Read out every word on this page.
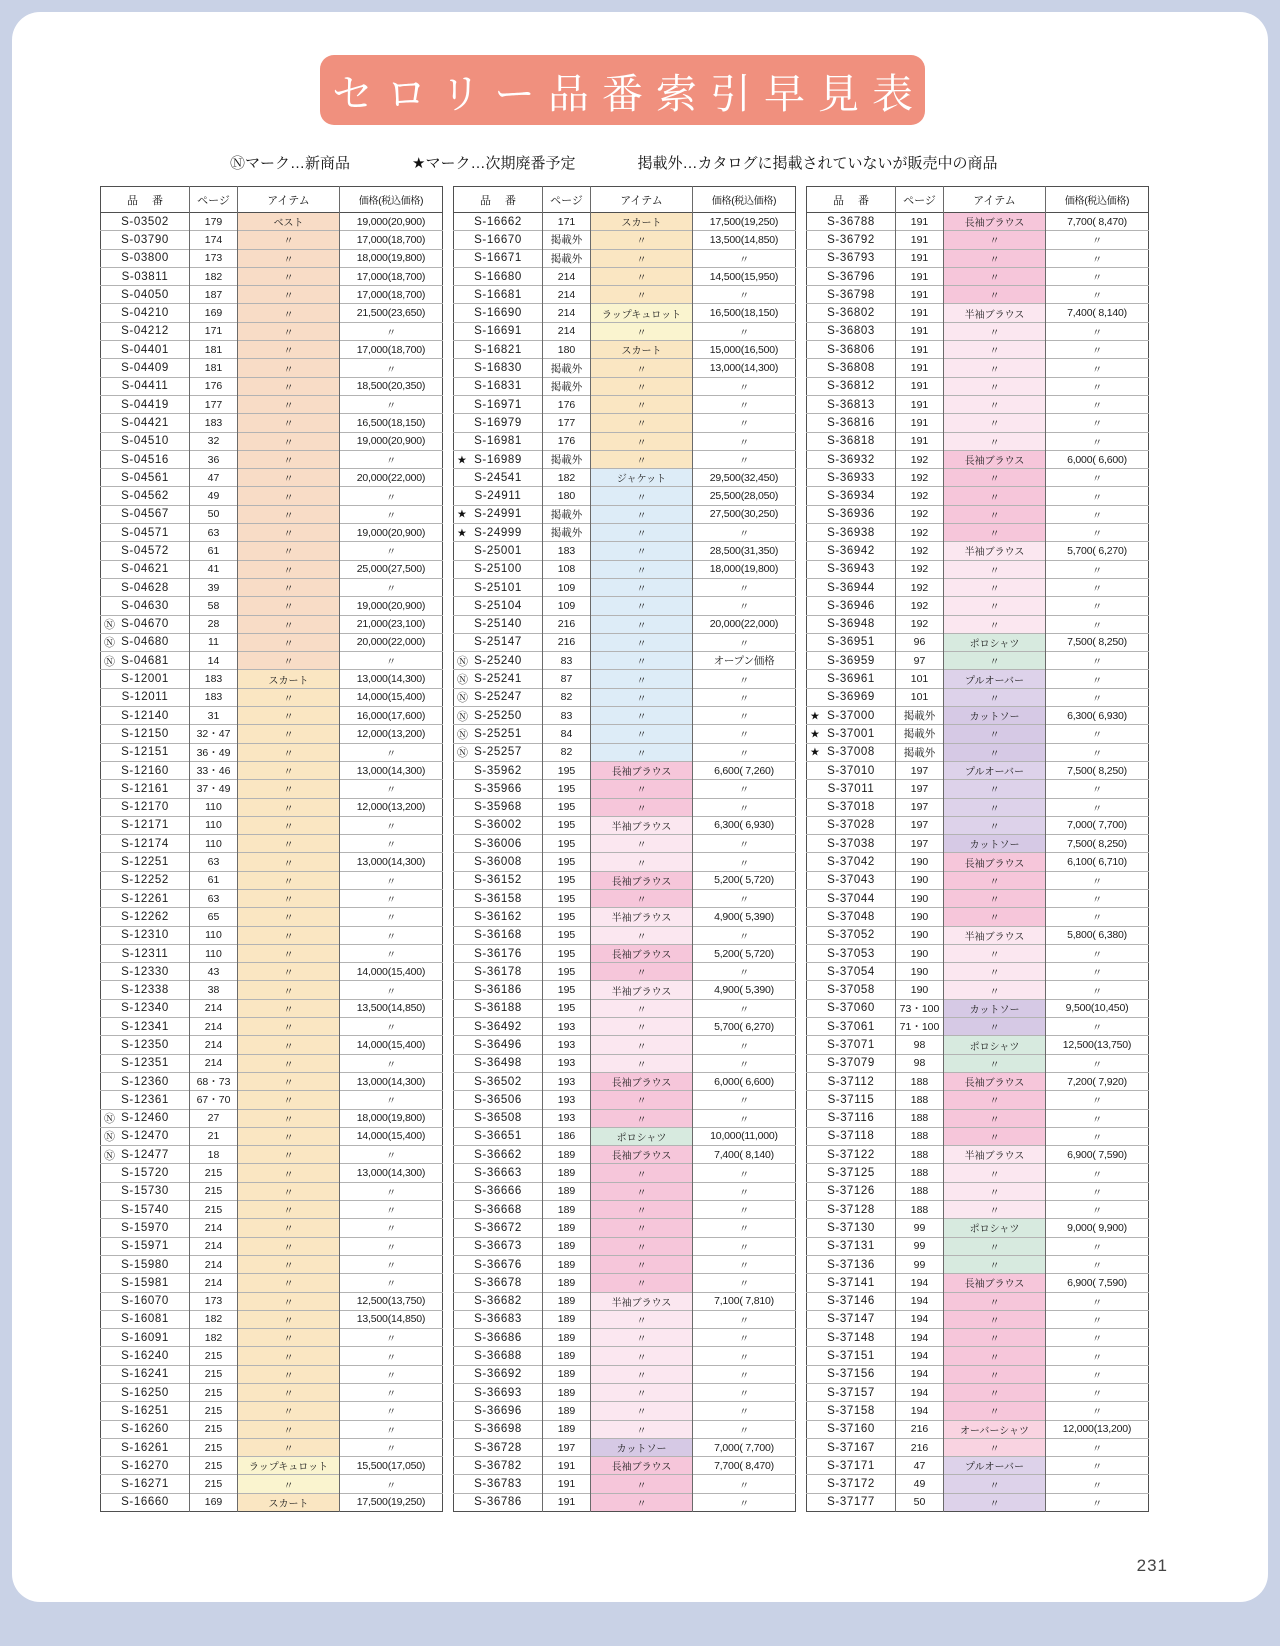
セロリー品番索引早見表
Ⓝマーク…新商品	★マーク…次期廃番予定	掲載外…カタログに掲載されていないが販売中の商品
品番	ページ	アイテム	価格(税込価格)
S-03502	179	ベスト	19,000(20,900)
S-03790	174	〃	17,000(18,700)
S-03800	173	〃	18,000(19,800)
S-03811	182	〃	17,000(18,700)
S-04050	187	〃	17,000(18,700)
S-04210	169	〃	21,500(23,650)
S-04212	171	〃	〃
S-04401	181	〃	17,000(18,700)
S-04409	181	〃	〃
S-04411	176	〃	18,500(20,350)
S-04419	177	〃	〃
S-04421	183	〃	16,500(18,150)
S-04510	32	〃	19,000(20,900)
S-04516	36	〃	〃
S-04561	47	〃	20,000(22,000)
S-04562	49	〃	〃
S-04567	50	〃	〃
S-04571	63	〃	19,000(20,900)
S-04572	61	〃	〃
S-04621	41	〃	25,000(27,500)
S-04628	39	〃	〃
S-04630	58	〃	19,000(20,900)

Ⓝ S-04670	28	〃	21,000(23,100)

Ⓝ S-04680	11	〃	20,000(22,000)

Ⓝ S-04681	14	〃	〃
S-12001	183	スカート	13,000(14,300)
S-12011	183	〃	14,000(15,400)
S-12140	31	〃	16,000(17,600)
S-12150	32・47	〃	12,000(13,200)
S-12151	36・49	〃	〃
S-12160	33・46	〃	13,000(14,300)
S-12161	37・49	〃	〃
S-12170	110	〃	12,000(13,200)
S-12171	110	〃	〃
S-12174	110	〃	〃
S-12251	63	〃	13,000(14,300)
S-12252	61	〃	〃
S-12261	63	〃	〃
S-12262	65	〃	〃
S-12310	110	〃	〃
S-12311	110	〃	〃
S-12330	43	〃	14,000(15,400)
S-12338	38	〃	〃
S-12340	214	〃	13,500(14,850)
S-12341	214	〃	〃
S-12350	214	〃	14,000(15,400)
S-12351	214	〃	〃
S-12360	68・73	〃	13,000(14,300)
S-12361	67・70	〃	〃

Ⓝ S-12460	27	〃	18,000(19,800)

Ⓝ S-12470	21	〃	14,000(15,400)

Ⓝ S-12477	18	〃	〃
S-15720	215	〃	13,000(14,300)
S-15730	215	〃	〃
S-15740	215	〃	〃
S-15970	214	〃	〃
S-15971	214	〃	〃
S-15980	214	〃	〃
S-15981	214	〃	〃
S-16070	173	〃	12,500(13,750)
S-16081	182	〃	13,500(14,850)
S-16091	182	〃	〃
S-16240	215	〃	〃
S-16241	215	〃	〃
S-16250	215	〃	〃
S-16251	215	〃	〃
S-16260	215	〃	〃
S-16261	215	〃	〃
S-16270	215	ラップキュロット	15,500(17,050)
S-16271	215	〃	〃
S-16660	169	スカート	17,500(19,250)
品番	ページ	アイテム	価格(税込価格)
S-16662	171	スカート	17,500(19,250)
S-16670	掲載外	〃	13,500(14,850)
S-16671	掲載外	〃	〃
S-16680	214	〃	14,500(15,950)
S-16681	214	〃	〃
S-16690	214	ラップキュロット	16,500(18,150)
S-16691	214	〃	〃
S-16821	180	スカート	15,000(16,500)
S-16830	掲載外	〃	13,000(14,300)
S-16831	掲載外	〃	〃
S-16971	176	〃	〃
S-16979	177	〃	〃
S-16981	176	〃	〃

★ S-16989	掲載外	〃	〃
S-24541	182	ジャケット	29,500(32,450)
S-24911	180	〃	25,500(28,050)

★ S-24991	掲載外	〃	27,500(30,250)

★ S-24999	掲載外	〃	〃
S-25001	183	〃	28,500(31,350)
S-25100	108	〃	18,000(19,800)
S-25101	109	〃	〃
S-25104	109	〃	〃
S-25140	216	〃	20,000(22,000)
S-25147	216	〃	〃

Ⓝ S-25240	83	〃	オープン価格

Ⓝ S-25241	87	〃	〃

Ⓝ S-25247	82	〃	〃

Ⓝ S-25250	83	〃	〃

Ⓝ S-25251	84	〃	〃

Ⓝ S-25257	82	〃	〃
S-35962	195	長袖ブラウス	6,600( 7,260)
S-35966	195	〃	〃
S-35968	195	〃	〃
S-36002	195	半袖ブラウス	6,300( 6,930)
S-36006	195	〃	〃
S-36008	195	〃	〃
S-36152	195	長袖ブラウス	5,200( 5,720)
S-36158	195	〃	〃
S-36162	195	半袖ブラウス	4,900( 5,390)
S-36168	195	〃	〃
S-36176	195	長袖ブラウス	5,200( 5,720)
S-36178	195	〃	〃
S-36186	195	半袖ブラウス	4,900( 5,390)
S-36188	195	〃	〃
S-36492	193	〃	5,700( 6,270)
S-36496	193	〃	〃
S-36498	193	〃	〃
S-36502	193	長袖ブラウス	6,000( 6,600)
S-36506	193	〃	〃
S-36508	193	〃	〃
S-36651	186	ポロシャツ	10,000(11,000)
S-36662	189	長袖ブラウス	7,400( 8,140)
S-36663	189	〃	〃
S-36666	189	〃	〃
S-36668	189	〃	〃
S-36672	189	〃	〃
S-36673	189	〃	〃
S-36676	189	〃	〃
S-36678	189	〃	〃
S-36682	189	半袖ブラウス	7,100( 7,810)
S-36683	189	〃	〃
S-36686	189	〃	〃
S-36688	189	〃	〃
S-36692	189	〃	〃
S-36693	189	〃	〃
S-36696	189	〃	〃
S-36698	189	〃	〃
S-36728	197	カットソー	7,000( 7,700)
S-36782	191	長袖ブラウス	7,700( 8,470)
S-36783	191	〃	〃
S-36786	191	〃	〃
品番	ページ	アイテム	価格(税込価格)
S-36788	191	長袖ブラウス	7,700( 8,470)
S-36792	191	〃	〃
S-36793	191	〃	〃
S-36796	191	〃	〃
S-36798	191	〃	〃
S-36802	191	半袖ブラウス	7,400( 8,140)
S-36803	191	〃	〃
S-36806	191	〃	〃
S-36808	191	〃	〃
S-36812	191	〃	〃
S-36813	191	〃	〃
S-36816	191	〃	〃
S-36818	191	〃	〃
S-36932	192	長袖ブラウス	6,000( 6,600)
S-36933	192	〃	〃
S-36934	192	〃	〃
S-36936	192	〃	〃
S-36938	192	〃	〃
S-36942	192	半袖ブラウス	5,700( 6,270)
S-36943	192	〃	〃
S-36944	192	〃	〃
S-36946	192	〃	〃
S-36948	192	〃	〃
S-36951	96	ポロシャツ	7,500( 8,250)
S-36959	97	〃	〃
S-36961	101	プルオーバー	〃
S-36969	101	〃	〃

★ S-37000	掲載外	カットソー	6,300( 6,930)

★ S-37001	掲載外	〃	〃

★ S-37008	掲載外	〃	〃
S-37010	197	プルオーバー	7,500( 8,250)
S-37011	197	〃	〃
S-37018	197	〃	〃
S-37028	197	〃	7,000( 7,700)
S-37038	197	カットソー	7,500( 8,250)
S-37042	190	長袖ブラウス	6,100( 6,710)
S-37043	190	〃	〃
S-37044	190	〃	〃
S-37048	190	〃	〃
S-37052	190	半袖ブラウス	5,800( 6,380)
S-37053	190	〃	〃
S-37054	190	〃	〃
S-37058	190	〃	〃
S-37060	73・100	カットソー	9,500(10,450)
S-37061	71・100	〃	〃
S-37071	98	ポロシャツ	12,500(13,750)
S-37079	98	〃	〃
S-37112	188	長袖ブラウス	7,200( 7,920)
S-37115	188	〃	〃
S-37116	188	〃	〃
S-37118	188	〃	〃
S-37122	188	半袖ブラウス	6,900( 7,590)
S-37125	188	〃	〃
S-37126	188	〃	〃
S-37128	188	〃	〃
S-37130	99	ポロシャツ	9,000( 9,900)
S-37131	99	〃	〃
S-37136	99	〃	〃
S-37141	194	長袖ブラウス	6,900( 7,590)
S-37146	194	〃	〃
S-37147	194	〃	〃
S-37148	194	〃	〃
S-37151	194	〃	〃
S-37156	194	〃	〃
S-37157	194	〃	〃
S-37158	194	〃	〃
S-37160	216	オーバーシャツ	12,000(13,200)
S-37167	216	〃	〃
S-37171	47	プルオーバー	〃
S-37172	49	〃	〃
S-37177	50	〃	〃
231
